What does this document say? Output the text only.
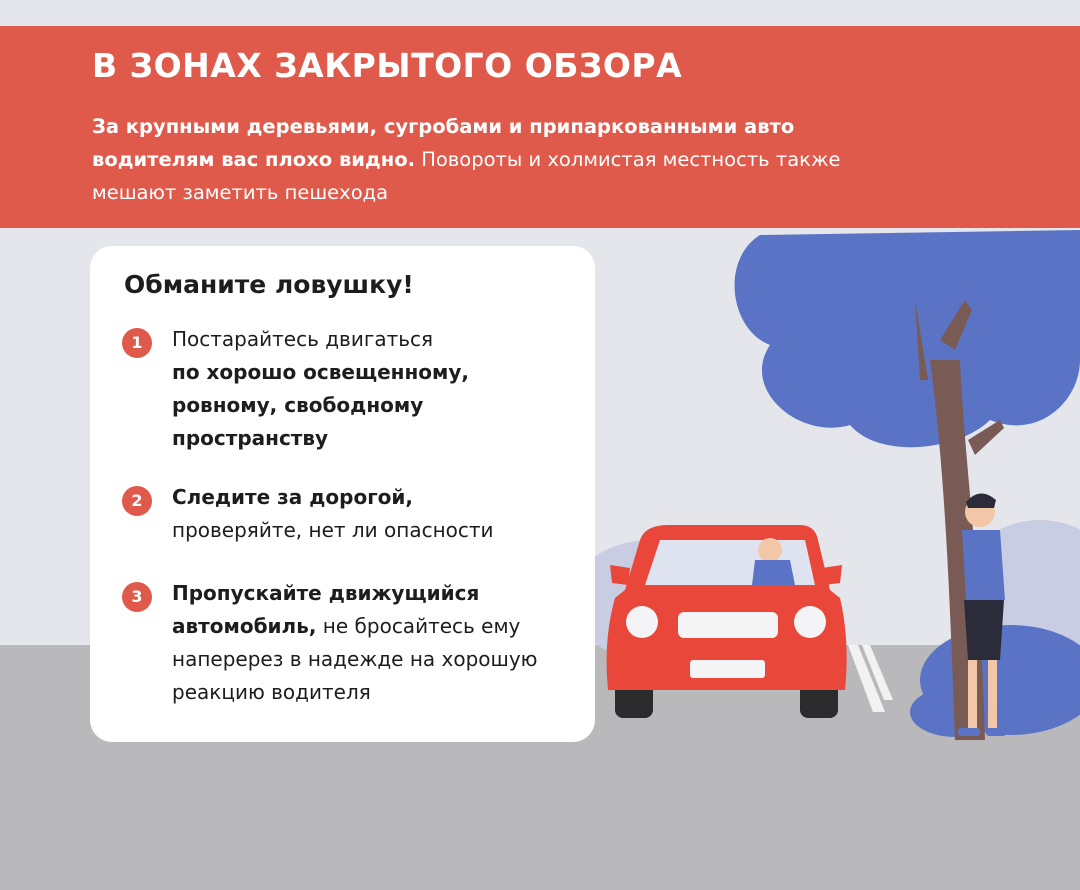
В ЗОНАХ ЗАКРЫТОГО ОБЗОРА

За крупными деревьями, сугробами и припаркованными авто водителям вас плохо видно. Повороты и холмистая местность также мешают заметить пешехода

Обманите ловушку!
1	Постарайтесь двигаться
по хорошо освещенному, ровному, свободному пространству
2	Следите за дорогой,
проверяйте, нет ли опасности
3	Пропускайте движущийся автомобиль, не бросайтесь ему наперерез в надежде на хорошую реакцию водителя
